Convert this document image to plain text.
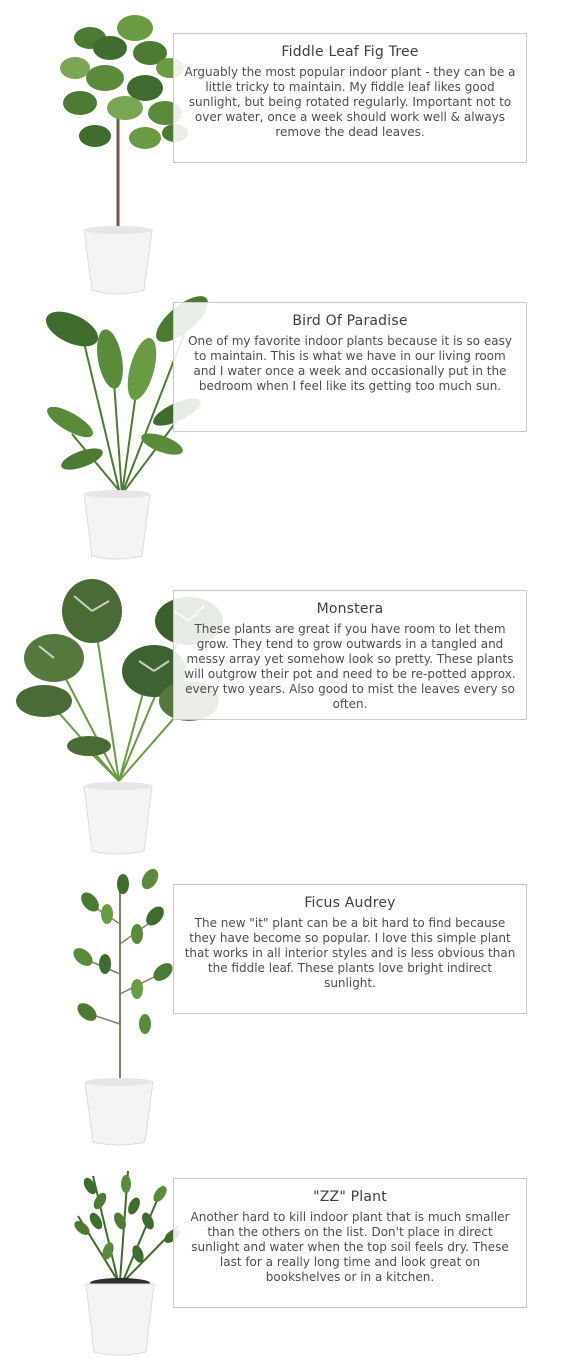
Fiddle Leaf Fig Tree

Arguably the most popular indoor plant - they can be a little tricky to maintain. My fiddle leaf likes good sunlight, but being rotated regularly. Important not to over water, once a week should work well & always remove the dead leaves.

Bird Of Paradise

One of my favorite indoor plants because it is so easy to maintain. This is what we have in our living room and I water once a week and occasionally put in the bedroom when I feel like its getting too much sun.

Monstera

These plants are great if you have room to let them grow. They tend to grow outwards in a tangled and messy array yet somehow look so pretty. These plants will outgrow their pot and need to be re-potted approx. every two years. Also good to mist the leaves every so often.

Ficus Audrey

The new "it" plant can be a bit hard to find because they have become so popular. I love this simple plant that works in all interior styles and is less obvious than the fiddle leaf. These plants love bright indirect sunlight.

"ZZ" Plant

Another hard to kill indoor plant that is much smaller than the others on the list. Don't place in direct sunlight and water when the top soil feels dry. These last for a really long time and look great on bookshelves or in a kitchen.
